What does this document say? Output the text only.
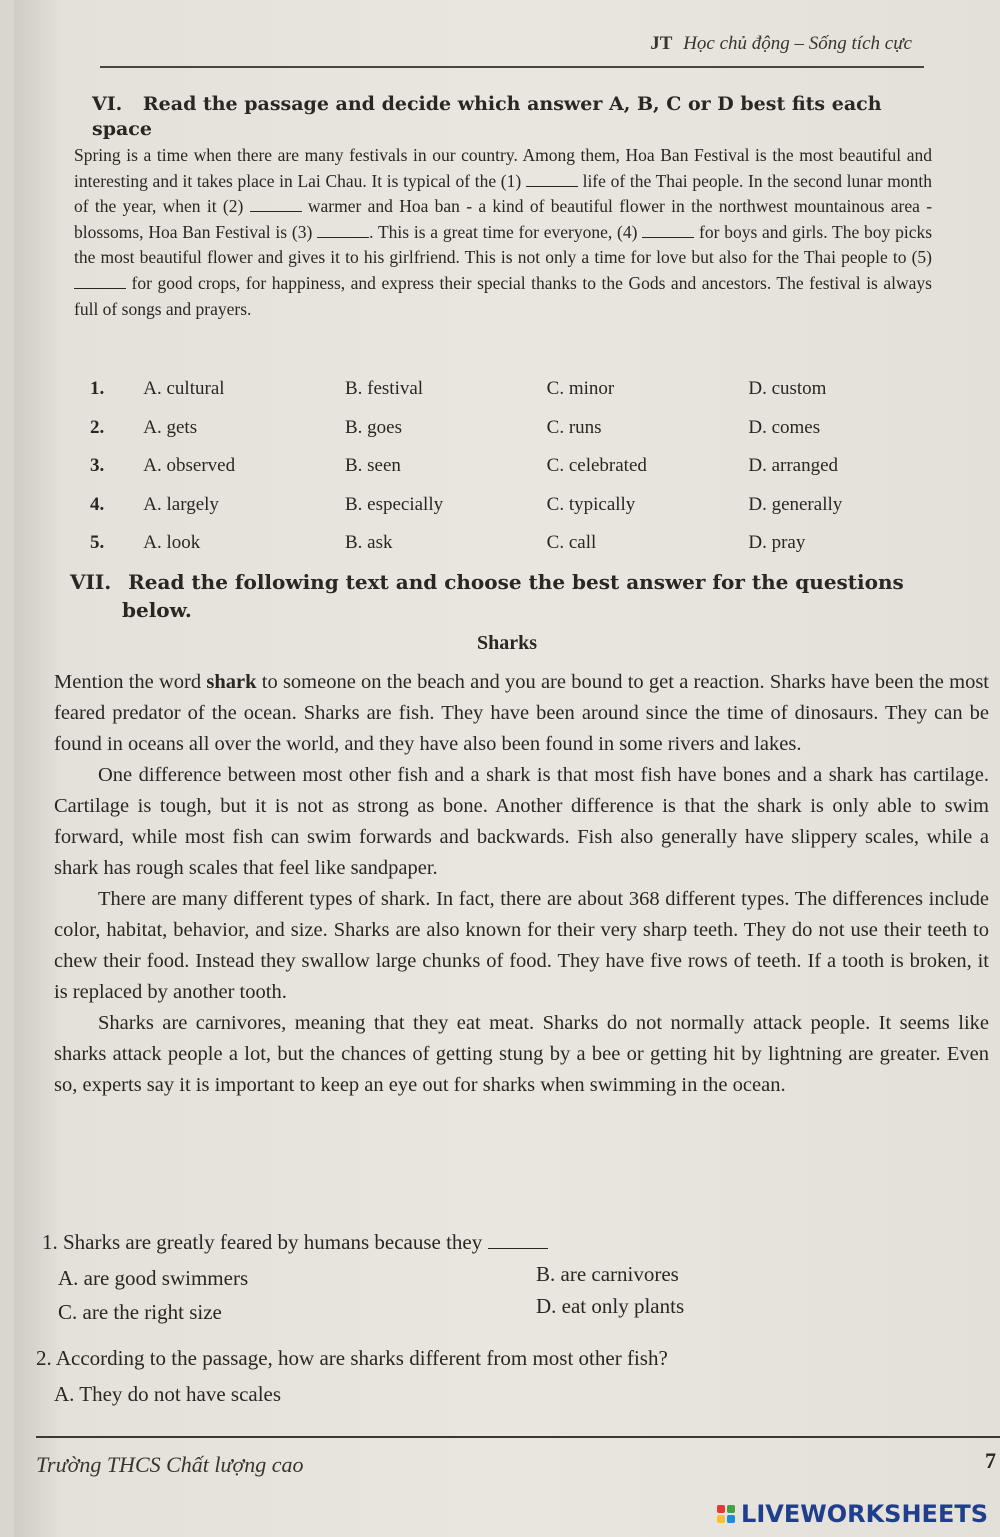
JT Học chủ động – Sống tích cực
VI. Read the passage and decide which answer A, B, C or D best fits each space
Spring is a time when there are many festivals in our country. Among them, Hoa Ban Festival is the most beautiful and interesting and it takes place in Lai Chau. It is typical of the (1)	life of the Thai people. In the second lunar month of the year, when it (2)	warmer and Hoa ban - a kind of beautiful flower in the northwest mountainous area - blossoms, Hoa Ban Festival is (3)	. This is a great time for everyone, (4)	for boys and girls. The boy picks the most beautiful flower and gives it to his girlfriend. This is not only a time for love but also for the Thai people to (5) for good crops, for happiness, and express their special thanks to the Gods and ancestors. The festival is always full of songs and prayers.
1.	A. cultural	B. festival	C. minor	D. custom
2.	A. gets	B. goes	C. runs	D. comes
3.	A. observed	B. seen	C. celebrated	D. arranged
4.	A. largely	B. especially	C. typically	D. generally
5.	A. look	B. ask	C. call	D. pray
VII. Read the following text and choose the best answer for the questions
below.
Sharks

Mention the word shark to someone on the beach and you are bound to get a reaction. Sharks have been the most feared predator of the ocean. Sharks are fish. They have been around since the time of dinosaurs. They can be found in oceans all over the world, and they have also been found in some rivers and lakes.

One difference between most other fish and a shark is that most fish have bones and a shark has cartilage. Cartilage is tough, but it is not as strong as bone. Another difference is that the shark is only able to swim forward, while most fish can swim forwards and backwards. Fish also generally have slippery scales, while a shark has rough scales that feel like sandpaper.

There are many different types of shark. In fact, there are about 368 different types. The differences include color, habitat, behavior, and size. Sharks are also known for their very sharp teeth. They do not use their teeth to chew their food. Instead they swallow large chunks of food. They have five rows of teeth. If a tooth is broken, it is replaced by another tooth.

Sharks are carnivores, meaning that they eat meat. Sharks do not normally attack people. It seems like sharks attack people a lot, but the chances of getting stung by a bee or getting hit by lightning are greater. Even so, experts say it is important to keep an eye out for sharks when swimming in the ocean.

1. Sharks are greatly feared by humans because they
A. are good swimmers	B. are carnivores
C. are the right size	D. eat only plants
2. According to the passage, how are sharks different from most other fish?
A. They do not have scales
Trường THCS Chất lượng cao	7
LIVEWORKSHEETS
